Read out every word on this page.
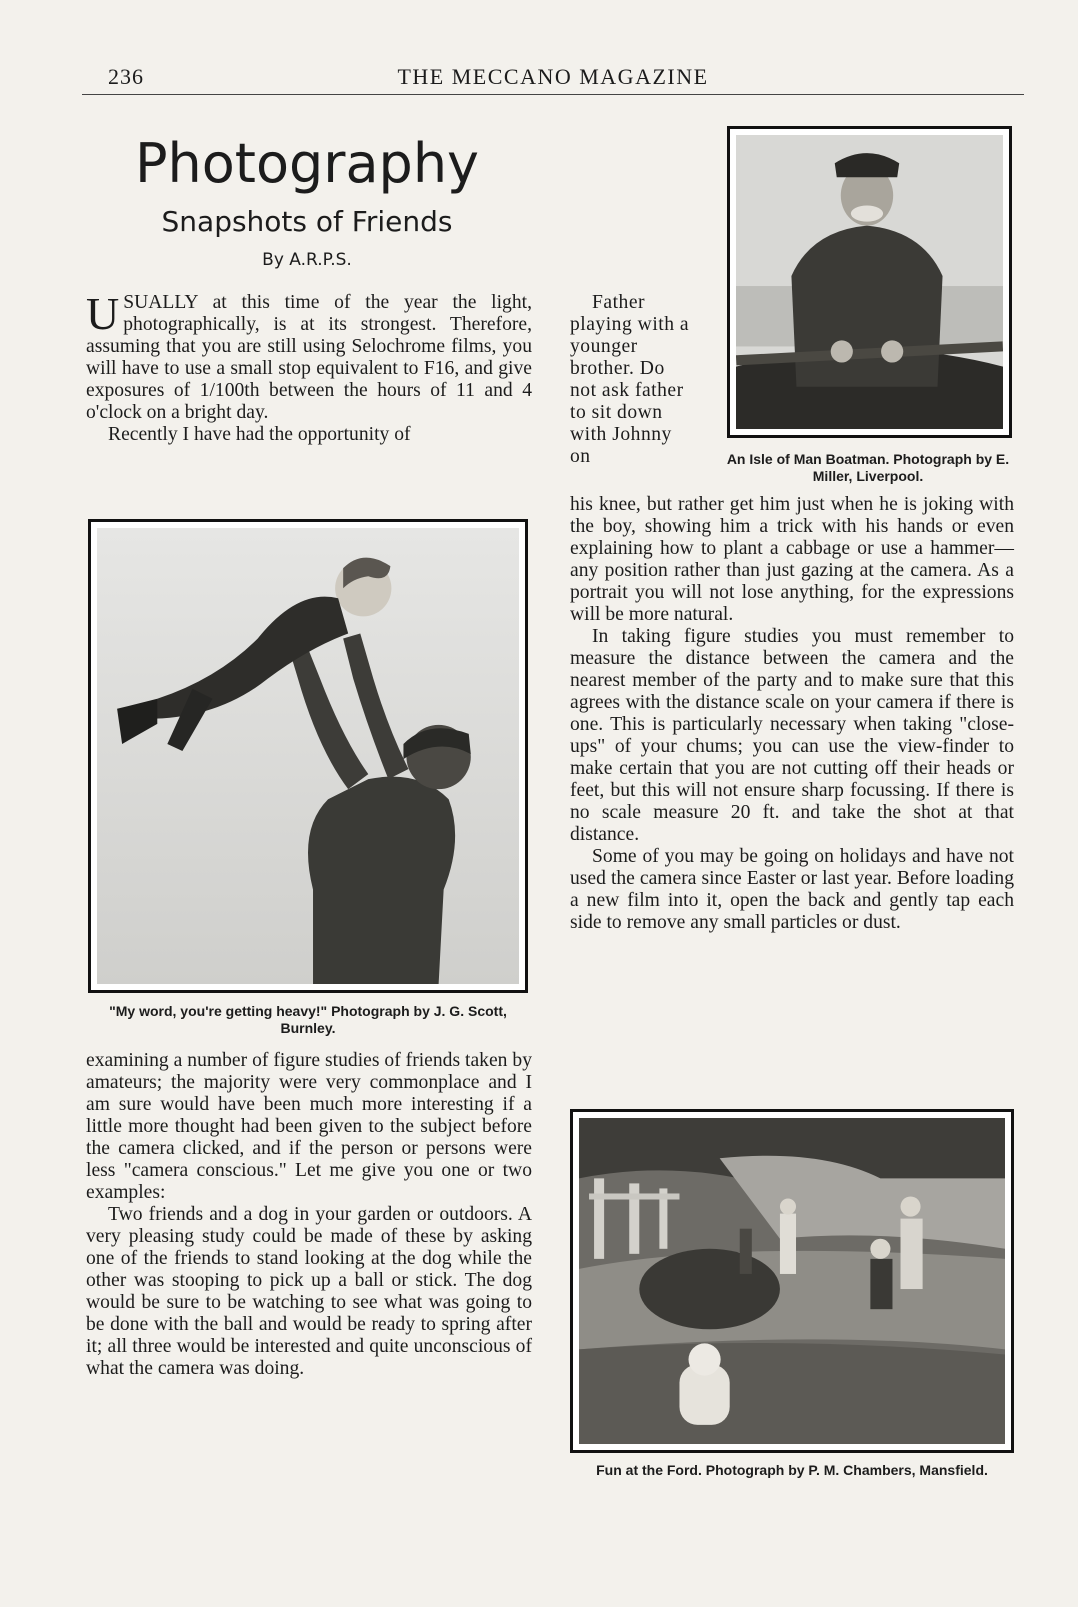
236	THE MECCANO MAGAZINE
Photography
Snapshots of Friends
By A.R.P.S.

USUALLY at this time of the year the light, photographically, is at its strongest. Therefore, assuming that you are still using Selochrome films, you will have to use a small stop equivalent to F16, and give exposures of 1/100th between the hours of 11 and 4 o'clock on a bright day.

Recently I have had the opportunity of

"My word, you're getting heavy!" Photograph by J. G. Scott, Burnley.

examining a number of figure studies of friends taken by amateurs; the majority were very commonplace and I am sure would have been much more interesting if a little more thought had been given to the subject before the camera clicked, and if the person or persons were less "camera conscious." Let me give you one or two examples:

Two friends and a dog in your garden or outdoors. A very pleasing study could be made of these by asking one of the friends to stand looking at the dog while the other was stooping to pick up a ball or stick. The dog would be sure to be watching to see what was going to be done with the ball and would be ready to spring after it; all three would be interested and quite unconscious of what the camera was doing.

An Isle of Man Boatman. Photograph by E. Miller, Liverpool.

Father playing with a younger brother. Do not ask father to sit down with Johnny on

his knee, but rather get him just when he is joking with the boy, showing him a trick with his hands or even explaining how to plant a cabbage or use a hammer—any position rather than just gazing at the camera. As a portrait you will not lose anything, for the expressions will be more natural.

In taking figure studies you must remember to measure the distance between the camera and the nearest member of the party and to make sure that this agrees with the distance scale on your camera if there is one. This is particularly necessary when taking "close-ups" of your chums; you can use the view-finder to make certain that you are not cutting off their heads or feet, but this will not ensure sharp focussing. If there is no scale measure 20 ft. and take the shot at that distance.

Some of you may be going on holidays and have not used the camera since Easter or last year. Before loading a new film into it, open the back and gently tap each side to remove any small particles or dust.

Fun at the Ford. Photograph by P. M. Chambers, Mansfield.
